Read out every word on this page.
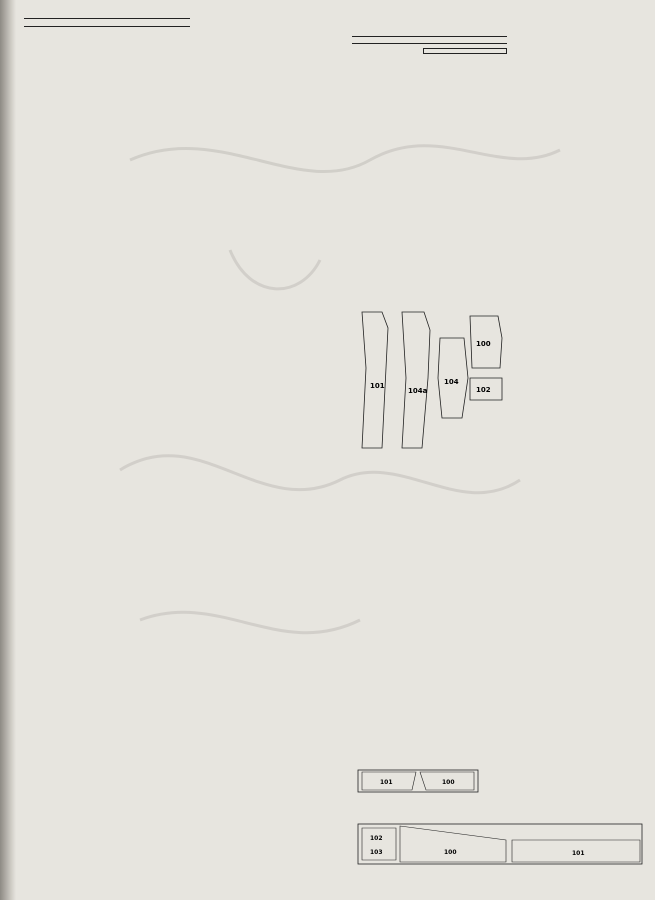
101
104a
104
100
102
101	100
102
103	100	101
